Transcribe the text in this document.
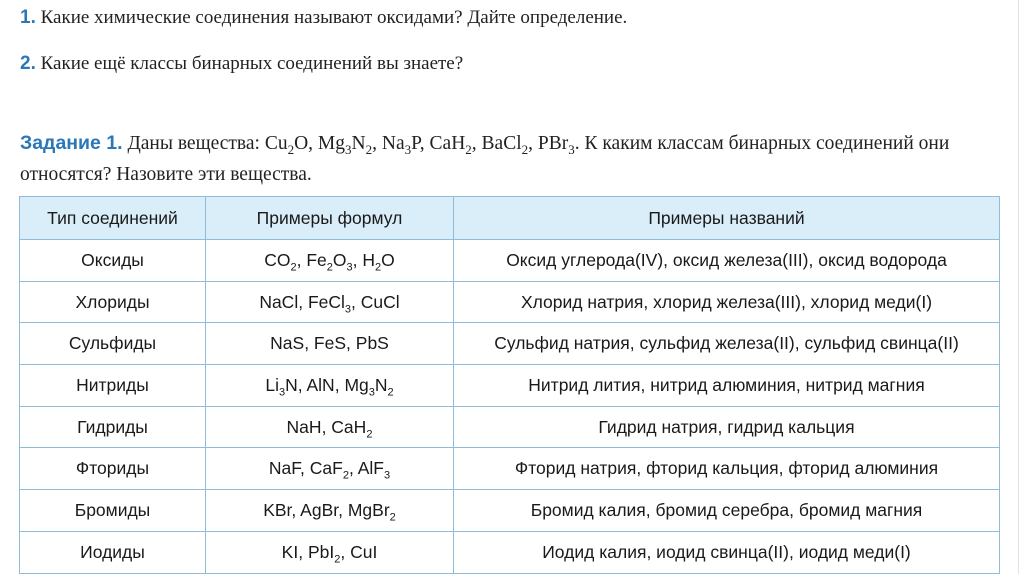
1. Какие химические соединения называют оксидами? Дайте определение.
2. Какие ещё классы бинарных соединений вы знаете?
Задание 1. Даны вещества: $Cu_2O$, $Mg_3N_2$, $Na_3P$, CaH$_2$, BaCl$_2$, PBr$_3$. К каким классам бинарных соединений они относятся? Назовите эти вещества.
Тип соединений	Примеры формул	Примеры названий
Оксиды	$CO_2$, $Fe_2O_3$, $H_2O$	Оксид углерода(IV), оксид железа(III), оксид водорода
Хлориды	NaCl, FeCl$_3$, CuCl	Хлорид натрия, хлорид железа(III), хлорид меди(I)
Сульфиды	NaS, FeS, PbS	Сульфид натрия, сульфид железа(II), сульфид свинца(II)
Нитриды	$Li_3N$, AlN, $Mg_3N_2$	Нитрид лития, нитрид алюминия, нитрид магния
Гидриды	NaH, CaH$_2$	Гидрид натрия, гидрид кальция
Фториды	NaF, CaF$_2$, AlF$_3$	Фторид натрия, фторид кальция, фторид алюминия
Бромиды	KBr, AgBr, MgBr$_2$	Бромид калия, бромид серебра, бромид магния
Иодиды	KI, PbI$_2$, CuI	Иодид калия, иодид свинца(II), иодид меди(I)
